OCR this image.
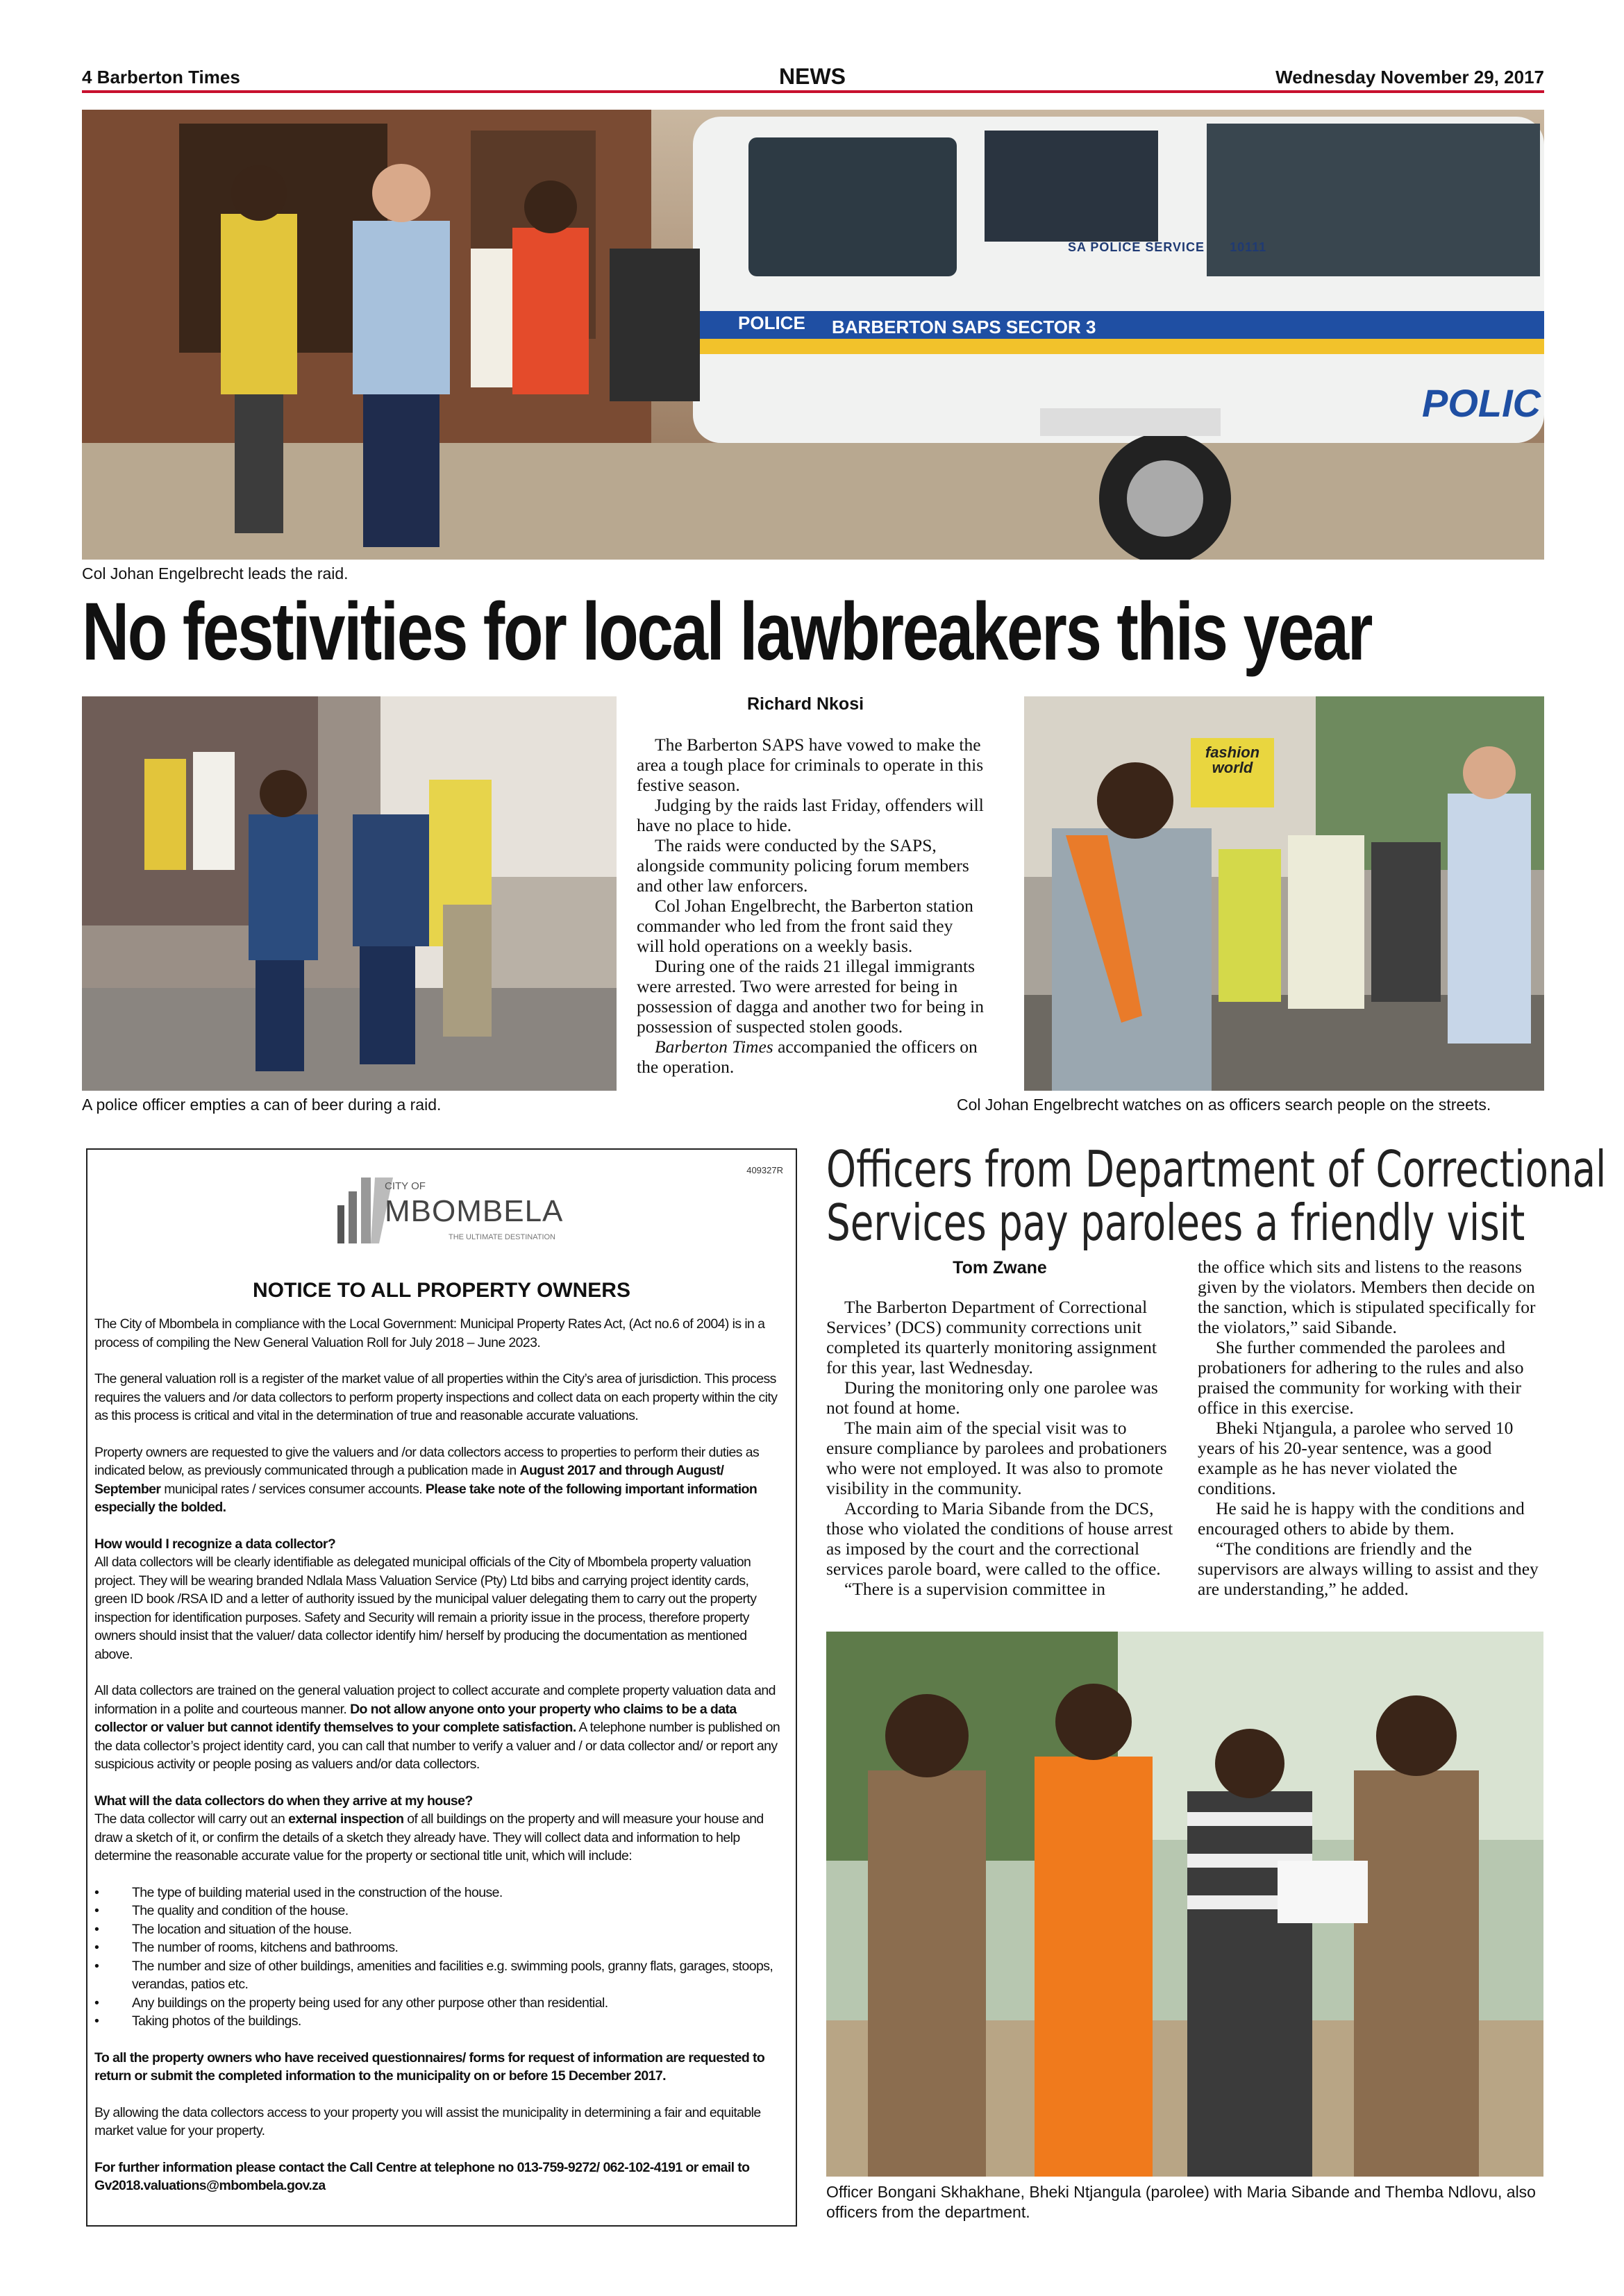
4 Barberton Times	NEWS	Wednesday November 29, 2017
SA POLICE SERVICE 10111
POLICE BARBERTON SAPS SECTOR 3
POLIC
Col Johan Engelbrecht leads the raid.
No festivities for local lawbreakers this year
A police officer empties a can of beer during a raid.
Richard Nkosi

The Barberton SAPS have vowed to make the area a tough place for criminals to operate in this festive season.

Judging by the raids last Friday, offenders will have no place to hide.

The raids were conducted by the SAPS, alongside community policing forum members and other law enforcers.

Col Johan Engelbrecht, the Barberton station commander who led from the front said they will hold operations on a weekly basis.

During one of the raids 21 illegal immigrants were arrested. Two were arrested for being in possession of dagga and another two for being in possession of suspected stolen goods.

Barberton Times accompanied the officers on the operation.

fashion world
Col Johan Engelbrecht watches on as officers search people on the streets.
409327R
CITY OF
MBOMBELA
THE ULTIMATE DESTINATION
NOTICE TO ALL PROPERTY OWNERS

The City of Mbombela in compliance with the Local Government: Municipal Property Rates Act, (Act no.6 of 2004) is in a process of compiling the New General Valuation Roll for July 2018 – June 2023.

The general valuation roll is a register of the market value of all properties within the City’s area of jurisdiction. This process requires the valuers and /or data collectors to perform property inspections and collect data on each property within the city as this process is critical and vital in the determination of true and reasonable accurate valuations.

Property owners are requested to give the valuers and /or data collectors access to properties to perform their duties as indicated below, as previously communicated through a publication made in August 2017 and through August/ September municipal rates / services consumer accounts. Please take note of the following important information especially the bolded.

How would I recognize a data collector?
All data collectors will be clearly identifiable as delegated municipal officials of the City of Mbombela property valuation project. They will be wearing branded Ndlala Mass Valuation Service (Pty) Ltd bibs and carrying project identity cards, green ID book /RSA ID and a letter of authority issued by the municipal valuer delegating them to carry out the property inspection for identification purposes. Safety and Security will remain a priority issue in the process, therefore property owners should insist that the valuer/ data collector identify him/ herself by producing the documentation as mentioned above.

All data collectors are trained on the general valuation project to collect accurate and complete property valuation data and information in a polite and courteous manner. Do not allow anyone onto your property who claims to be a data collector or valuer but cannot identify themselves to your complete satisfaction. A telephone number is published on the data collector’s project identity card, you can call that number to verify a valuer and / or data collector and/ or report any suspicious activity or people posing as valuers and/or data collectors.

What will the data collectors do when they arrive at my house?
The data collector will carry out an external inspection of all buildings on the property and will measure your house and draw a sketch of it, or confirm the details of a sketch they already have. They will collect data and information to help determine the reasonable accurate value for the property or sectional title unit, which will include:

• The type of building material used in the construction of the house.
• The quality and condition of the house.
• The location and situation of the house.
• The number of rooms, kitchens and bathrooms.
• The number and size of other buildings, amenities and facilities e.g. swimming pools, granny flats, garages, stoops, verandas, patios etc.
• Any buildings on the property being used for any other purpose other than residential.
• Taking photos of the buildings.

To all the property owners who have received questionnaires/ forms for request of information are requested to return or submit the completed information to the municipality on or before 15 December 2017.

By allowing the data collectors access to your property you will assist the municipality in determining a fair and equitable market value for your property.

For further information please contact the Call Centre at telephone no 013-759-9272/ 062-102-4191 or email to Gv2018.valuations@mbombela.gov.za

Officers from Department of Correctional
Services pay parolees a friendly visit
Tom Zwane

The Barberton Department of Correctional Services’ (DCS) community corrections unit completed its quarterly monitoring assignment for this year, last Wednesday.

During the monitoring only one parolee was not found at home.

The main aim of the special visit was to ensure compliance by parolees and probationers who were not employed. It was also to promote visibility in the community.

According to Maria Sibande from the DCS, those who violated the conditions of house arrest as imposed by the court and the correctional services parole board, were called to the office.

“There is a supervision committee in

the office which sits and listens to the reasons given by the violators. Members then decide on the sanction, which is stipulated specifically for the violators,” said Sibande.

She further commended the parolees and probationers for adhering to the rules and also praised the community for working with their office in this exercise.

Bheki Ntjangula, a parolee who served 10 years of his 20-year sentence, was a good example as he has never violated the conditions.

He said he is happy with the conditions and encouraged others to abide by them.

“The conditions are friendly and the supervisors are always willing to assist and they are understanding,” he added.

Officer Bongani Skhakhane, Bheki Ntjangula (parolee) with Maria Sibande and Themba Ndlovu, also officers from the department.
